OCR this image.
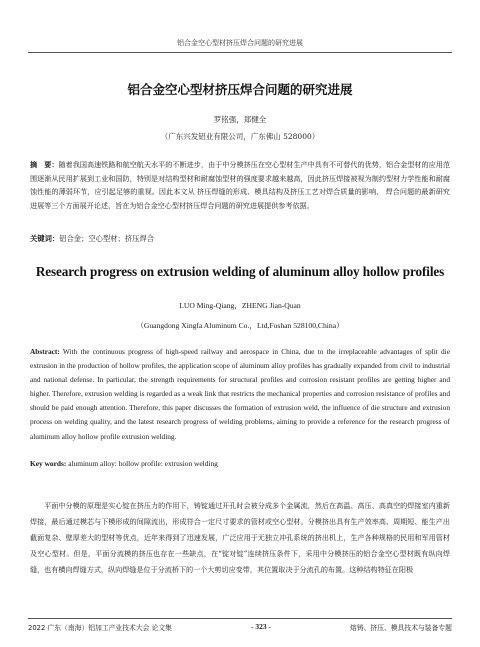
铝合金空心型材挤压焊合问题的研究进展
铝合金空心型材挤压焊合问题的研究进展
罗铭强，郑健全
（广东兴发铝业有限公司，广东佛山 528000）
摘　要：随着我国高速铁路和航空航天水平的不断进步，由于中分模挤压在空心型材生产中具有不可替代的优势，铝合金型材的应用范围逐渐从民用扩展到工业和国防，特别是对结构型材和耐腐蚀型材的强度要求越来越高，因此挤压焊接被视为制约型材力学性能和耐腐蚀性能的薄弱环节，应引起足够的重视。因此本文从 挤压焊缝的形成、模具结构及挤压工艺对焊合质量的影响、 焊合问题的最新研究进展等三个方面展开论述，旨在为铝合金空心型材挤压焊合问题的研究进展提供参考依据。
关键词：铝合金；空心型材；挤压焊合
Research progress on extrusion welding of aluminum alloy hollow profiles
LUO Ming-Qiang，ZHENG Jian-Quan
（Guangdong Xingfa Aluminum Co.，Ltd,Foshan 528100,China）
Abstract: With the continuous progress of high-speed railway and aerospace in China, due to the irreplaceable advantages of split die extrusion in the production of hollow profiles, the application scope of aluminum alloy profiles has gradually expanded from civil to industrial and national defense. In particular, the strength requirements for structural profiles and corrosion resistant profiles are getting higher and higher. Therefore, extrusion welding is regarded as a weak link that restricts the mechanical properties and corrosion resistance of profiles and should be paid enough attention. Therefore, this paper discusses the formation of extrusion weld, the influence of die structure and extrusion process on welding quality, and the latest research progress of welding problems, aiming to provide a reference for the research progress of aluminum alloy hollow profile extrusion welding.
Key words: aluminum alloy: hollow profile: extrusion welding
平面中分模的原理是实心锭在挤压力的作用下，铸锭通过开孔时会被分成多个金属流，然后在高温、高压、高真空的焊接室内重新焊接，最后通过模芯与下模形成的间隙流出，形成符合一定尺寸要求的管材或空心型材。分模挤出具有生产效率高、周期短、能生产出截面复杂、壁厚差大的型材等优点，近年来得到了迅速发展，广泛应用于无独立冲孔系统的挤出机上，生产各种规格的民用和军用管材及空心型材。但是，平面分流模的挤压也存在一些缺点，在“锭对锭”连续挤压条件下，采用中分模挤压的铝合金空心型材既有纵向焊缝，也有横向焊缝方式，纵向焊缝是位于分流桥下的一个大剪切应变带，其位置取决于分流孔的布置。这种结构特征在阳极
2022 广东（南海）铝加工产业技术大会 论文集	- 323 -	熔铸、挤压、模具技术与装备专题
